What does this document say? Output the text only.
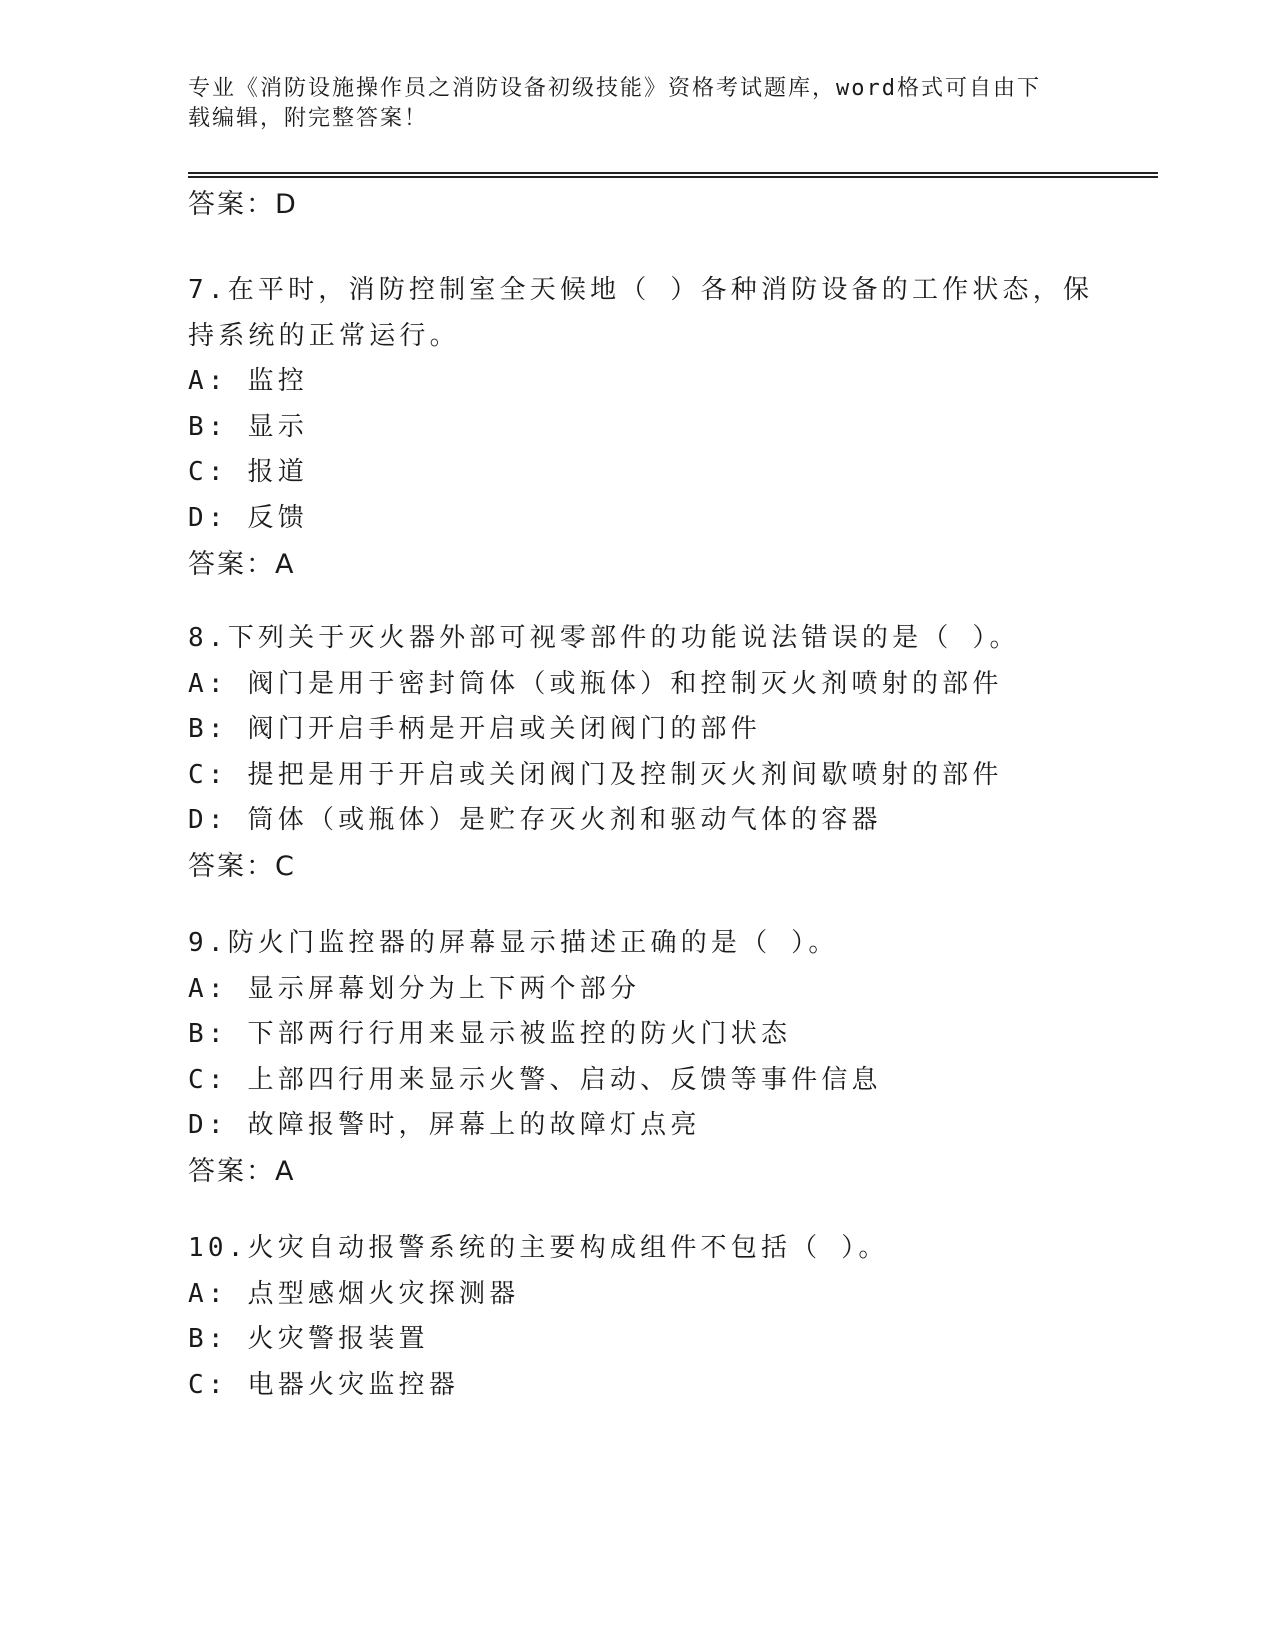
专业《消防设施操作员之消防设备初级技能》资格考试题库，word格式可自由下
载编辑，附完整答案！
答案：D
7.在平时，消防控制室全天候地（ ）各种消防设备的工作状态，保
持系统的正常运行。
A: 监控
B: 显示
C: 报道
D: 反馈
答案：A
8.下列关于灭火器外部可视零部件的功能说法错误的是（ ）。
A: 阀门是用于密封筒体（或瓶体）和控制灭火剂喷射的部件
B: 阀门开启手柄是开启或关闭阀门的部件
C: 提把是用于开启或关闭阀门及控制灭火剂间歇喷射的部件
D: 筒体（或瓶体）是贮存灭火剂和驱动气体的容器
答案：C
9.防火门监控器的屏幕显示描述正确的是（ ）。
A: 显示屏幕划分为上下两个部分
B: 下部两行行用来显示被监控的防火门状态
C: 上部四行用来显示火警、启动、反馈等事件信息
D: 故障报警时，屏幕上的故障灯点亮
答案：A
10.火灾自动报警系统的主要构成组件不包括（ ）。
A: 点型感烟火灾探测器
B: 火灾警报装置
C: 电器火灾监控器
